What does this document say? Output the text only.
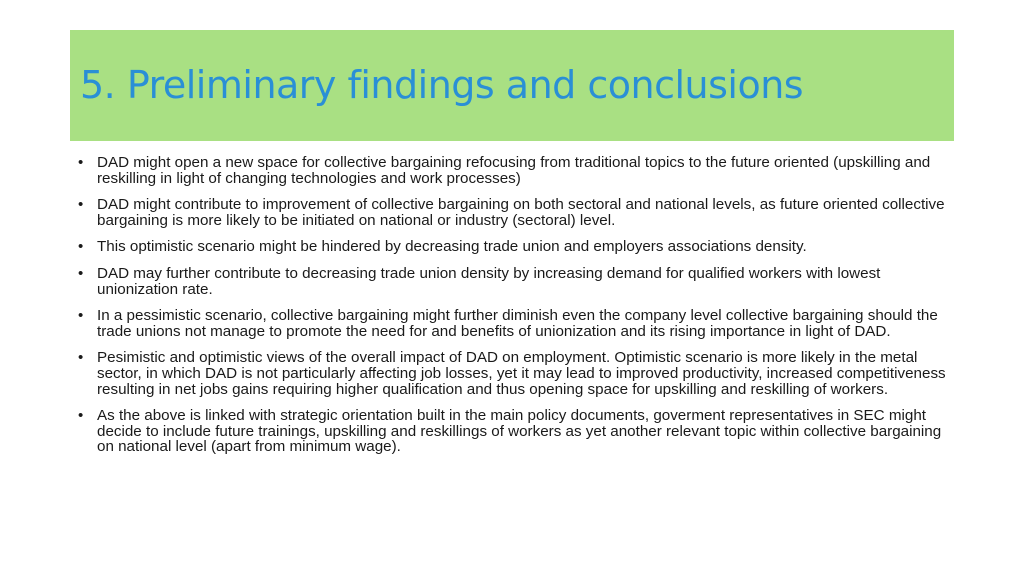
5. Preliminary findings and conclusions
• DAD might open a new space for collective bargaining refocusing from traditional topics to the future oriented (upskilling and reskilling in light of changing technologies and work processes)
• DAD might contribute to improvement of collective bargaining on both sectoral and national levels, as future oriented collective bargaining is more likely to be initiated on national or industry (sectoral) level.
• This optimistic scenario might be hindered by decreasing trade union and employers associations density.
• DAD may further contribute to decreasing trade union density by increasing demand for qualified workers with lowest unionization rate.
• In a pessimistic scenario, collective bargaining might further diminish even the company level collective bargaining should the trade unions not manage to promote the need for and benefits of unionization and its rising importance in light of DAD.
• Pesimistic and optimistic views of the overall impact of DAD on employment. Optimistic scenario is more likely in the metal sector, in which DAD is not particularly affecting job losses, yet it may lead to improved productivity, increased competitiveness resulting in net jobs gains requiring higher qualification and thus opening space for upskilling and reskilling of workers.
• As the above is linked with strategic orientation built in the main policy documents, goverment representatives in SEC might decide to include future trainings, upskilling and reskillings of workers as yet another relevant topic within collective bargaining on national level (apart from minimum wage).
